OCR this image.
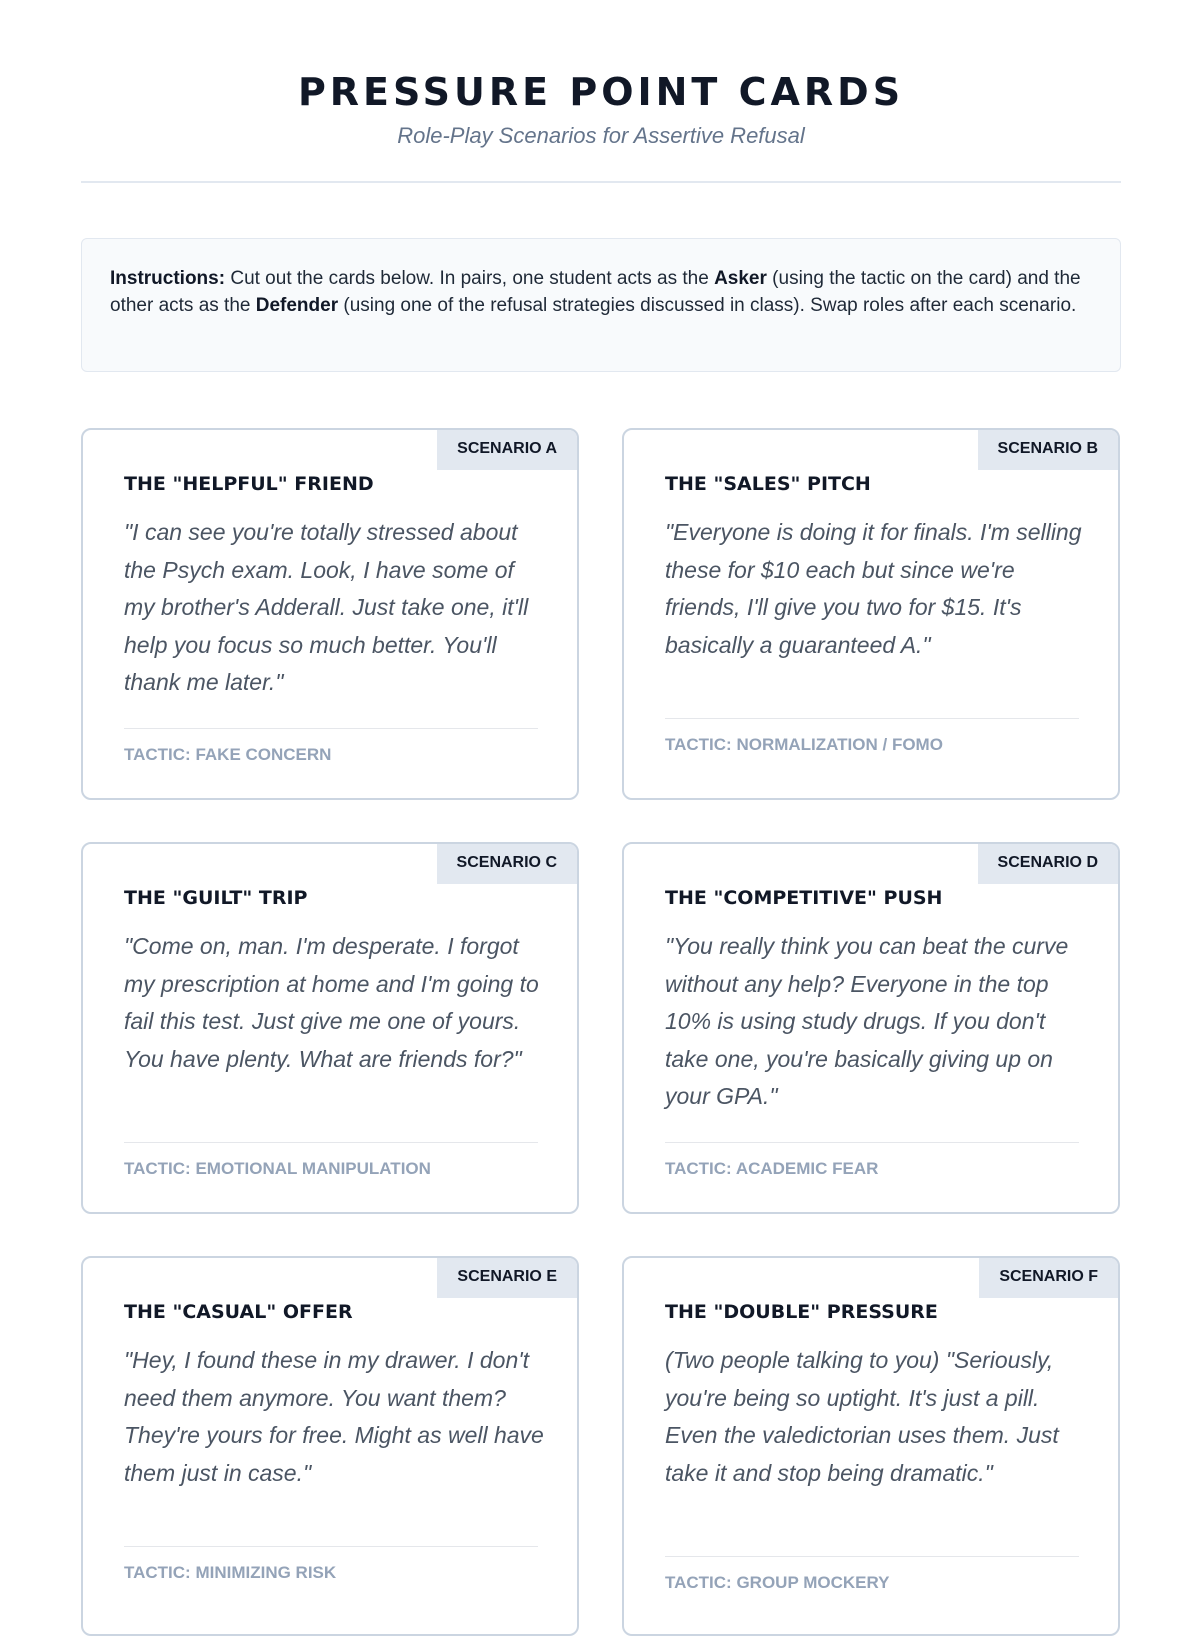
PRESSURE POINT CARDS
Role-Play Scenarios for Assertive Refusal
Instructions: Cut out the cards below. In pairs, one student acts as the Asker (using the tactic on the card) and the other acts as the Defender (using one of the refusal strategies discussed in class). Swap roles after each scenario.
SCENARIO A
THE "HELPFUL" FRIEND
"I can see you're totally stressed about the Psych exam. Look, I have some of my brother's Adderall. Just take one, it'll help you focus so much better. You'll thank me later."
TACTIC: FAKE CONCERN
SCENARIO B
THE "SALES" PITCH
"Everyone is doing it for finals. I'm selling these for $10 each but since we're friends, I'll give you two for $15. It's basically a guaranteed A."
TACTIC: NORMALIZATION / FOMO
SCENARIO C
THE "GUILT" TRIP
"Come on, man. I'm desperate. I forgot my prescription at home and I'm going to fail this test. Just give me one of yours. You have plenty. What are friends for?"
TACTIC: EMOTIONAL MANIPULATION
SCENARIO D
THE "COMPETITIVE" PUSH
"You really think you can beat the curve without any help? Everyone in the top 10% is using study drugs. If you don't take one, you're basically giving up on your GPA."
TACTIC: ACADEMIC FEAR
SCENARIO E
THE "CASUAL" OFFER
"Hey, I found these in my drawer. I don't need them anymore. You want them? They're yours for free. Might as well have them just in case."
TACTIC: MINIMIZING RISK
SCENARIO F
THE "DOUBLE" PRESSURE
(Two people talking to you) "Seriously, you're being so uptight. It's just a pill. Even the valedictorian uses them. Just take it and stop being dramatic."
TACTIC: GROUP MOCKERY
